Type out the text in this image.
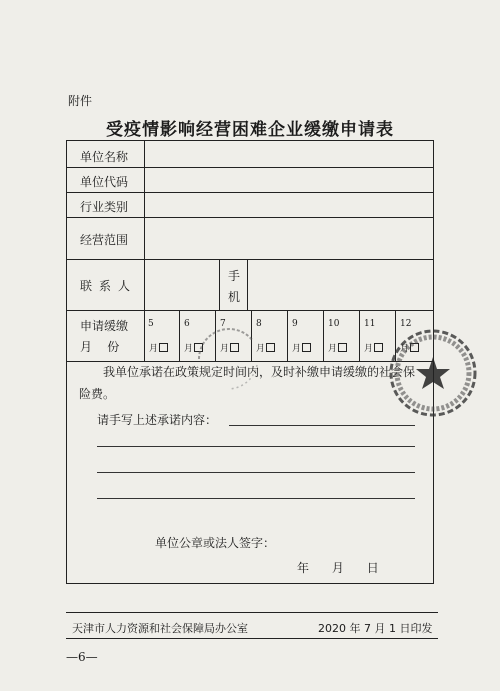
附件
受疫情影响经营困难企业缓缴申请表
单位名称
单位代码
行业类别
经营范围
联系人
手
机
申请缓缴
月    份
5
月
6
月
7
月
8
月
9
月
10
月
11
月
12
月
我单位承诺在政策规定时间内，及时补缴申请缓缴的社会保险费。
请手写上述承诺内容：
单位公章或法人签字：
年      月      日
天津市人力资源和社会保障局办公室	2020 年 7 月 1 日印发
—6—
